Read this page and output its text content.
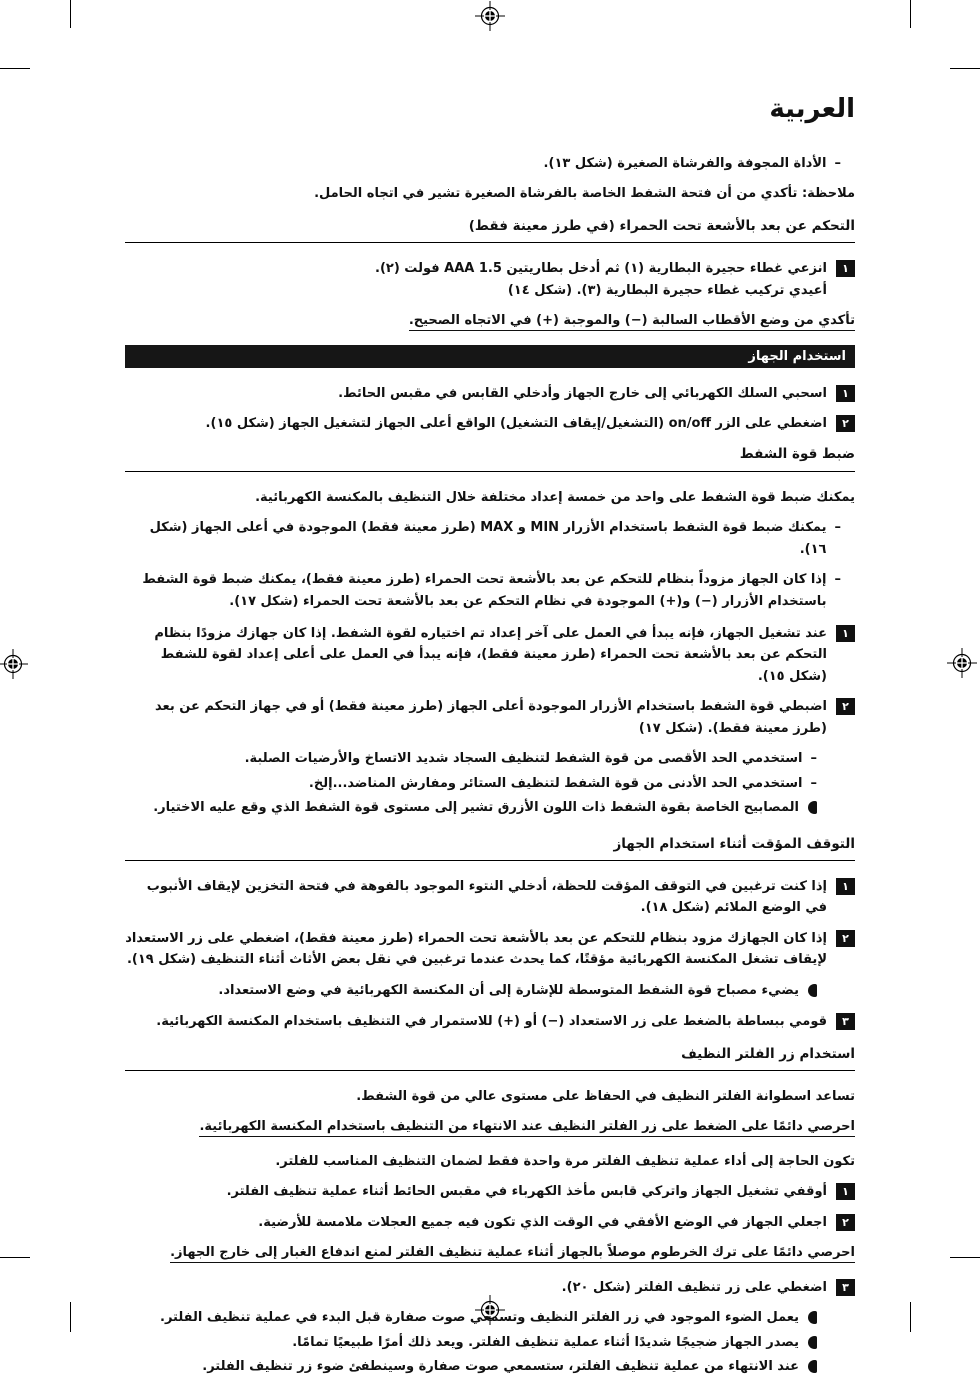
العربية
–
الأداة المجوفة والفرشاة الصغيرة (شكل ١٣).
ملاحظة: تأكدي من أن فتحة الشفط الخاصة بالفرشاة الصغيرة تشير في اتجاه الحامل.
التحكم عن بعد بالأشعة تحت الحمراء (في طرز معينة فقط)
١
انزعي غطاء حجيرة البطارية (١) ثم أدخل بطاريتين AAA 1.5 فولت (٢).
أعيدي تركيب غطاء حجيرة البطارية (٣). (شكل ١٤)
تأكدي من وضع الأقطاب السالبة (−) والموجبة (+) في الاتجاه الصحيح.
استخدام الجهاز
١
اسحبي السلك الكهربائي إلى خارج الجهاز وأدخلي القابس في مقبس الحائط.
٢
اضغطي على الزر on/off (التشغيل/إيقاف التشغيل) الواقع أعلى الجهاز لتشغيل الجهاز (شكل ١٥).
ضبط قوة الشفط
يمكنك ضبط قوة الشفط على واحد من خمسة إعداد مختلفة خلال التنظيف بالمكنسة الكهربائية.
–
يمكنك ضبط قوة الشفط باستخدام الأزرار MIN و MAX (طرز معينة فقط) الموجودة في أعلى الجهاز (شكل ١٦).
–
إذا كان الجهاز مزوداً بنظام للتحكم عن بعد بالأشعة تحت الحمراء (طرز معينة فقط)، يمكنك ضبط قوة الشفط باستخدام الأزرار (−) و(+) الموجودة في نظام التحكم عن بعد بالأشعة تحت الحمراء (شكل ١٧).
١
عند تشغيل الجهاز، فإنه يبدأ في العمل على آخر إعداد تم اختياره لقوة الشفط. إذا كان جهازك مزودًا بنظام التحكم عن بعد بالأشعة تحت الحمراء (طرز معينة فقط)، فإنه يبدأ في العمل على أعلى إعداد لقوة للشفط (شكل ١٥).
٢
اضبطي قوة الشفط باستخدام الأزرار الموجودة أعلى الجهاز (طرز معينة فقط) أو في جهاز التحكم عن بعد (طرز معينة فقط). (شكل ١٧)
–
استخدمي الحد الأقصى من قوة الشفط لتنظيف السجاد شديد الاتساخ والأرضيات الصلبة.
–
استخدمي الحد الأدنى من قوة الشفط لتنظيف الستائر ومفارش المناضد...إلخ.
المصابيح الخاصة بقوة الشفط ذات اللون الأزرق تشير إلى مستوى قوة الشفط الذي وقع عليه الاختيار.
التوقف المؤقت أثناء استخدام الجهاز
١
إذا كنت ترغبين في التوقف المؤقت للحظة، أدخلي النتوء الموجود بالفوهة في فتحة التخزين لإيقاف الأنبوب في الوضع الملائم (شكل ١٨).
٢
إذا كان الجهازك مزود بنظام للتحكم عن بعد بالأشعة تحت الحمراء (طرز معينة فقط)، اضغطي على زر الاستعداد لإيقاف تشغل المكنسة الكهربائية مؤقتًا، كما يحدث عندما ترغبين في نقل بعض الأثاث أثناء التنظيف (شكل ١٩).
يضيء مصباح قوة الشفط المتوسطة للإشارة إلى أن المكنسة الكهربائية في وضع الاستعداد.
٣
قومي ببساطة بالضغط على زر الاستعداد (−) أو (+) للاستمرار في التنظيف باستخدام المكنسة الكهربائية.
استخدام زر الفلتر النظيف
تساعد اسطوانة الفلتر النظيف في الحفاظ على مستوى عالي من قوة الشفط.
احرصي دائمًا على الضغط على زر الفلتر النظيف عند الانتهاء من التنظيف باستخدام المكنسة الكهربائية.
تكون الحاجة إلى أداء عملية تنظيف الفلتر مرة واحدة فقط لضمان التنظيف المناسب للفلتر.
١
أوقفي تشغيل الجهاز واتركي قابس مأخذ الكهرباء في مقبس الحائط أثناء عملية تنظيف الفلتر.
٢
اجعلي الجهاز في الوضع الأفقي في الوقت الذي تكون فيه جميع العجلات ملامسة للأرضية.
احرصي دائمًا على ترك الخرطوم موصلاً بالجهاز أثناء عملية تنظيف الفلتر لمنع اندفاع الغبار إلى خارج الجهاز.
٣
اضغطي على زر تنظيف الفلتر (شكل ٢٠).
يعمل الضوء الموجود في زر الفلتر النظيف وتسمعي صوت صفارة قبل البدء في عملية تنظيف الفلتر.
يصدر الجهاز ضجيجًا شديدًا أثناء عملية تنظيف الفلتر. ويعد ذلك أمرًا طبيعيًا تمامًا.
عند الانتهاء من عملية تنظيف الفلتر، ستسمعي صوت صفارة وسينطفئ ضوء زر تنظيف الفلتر.
